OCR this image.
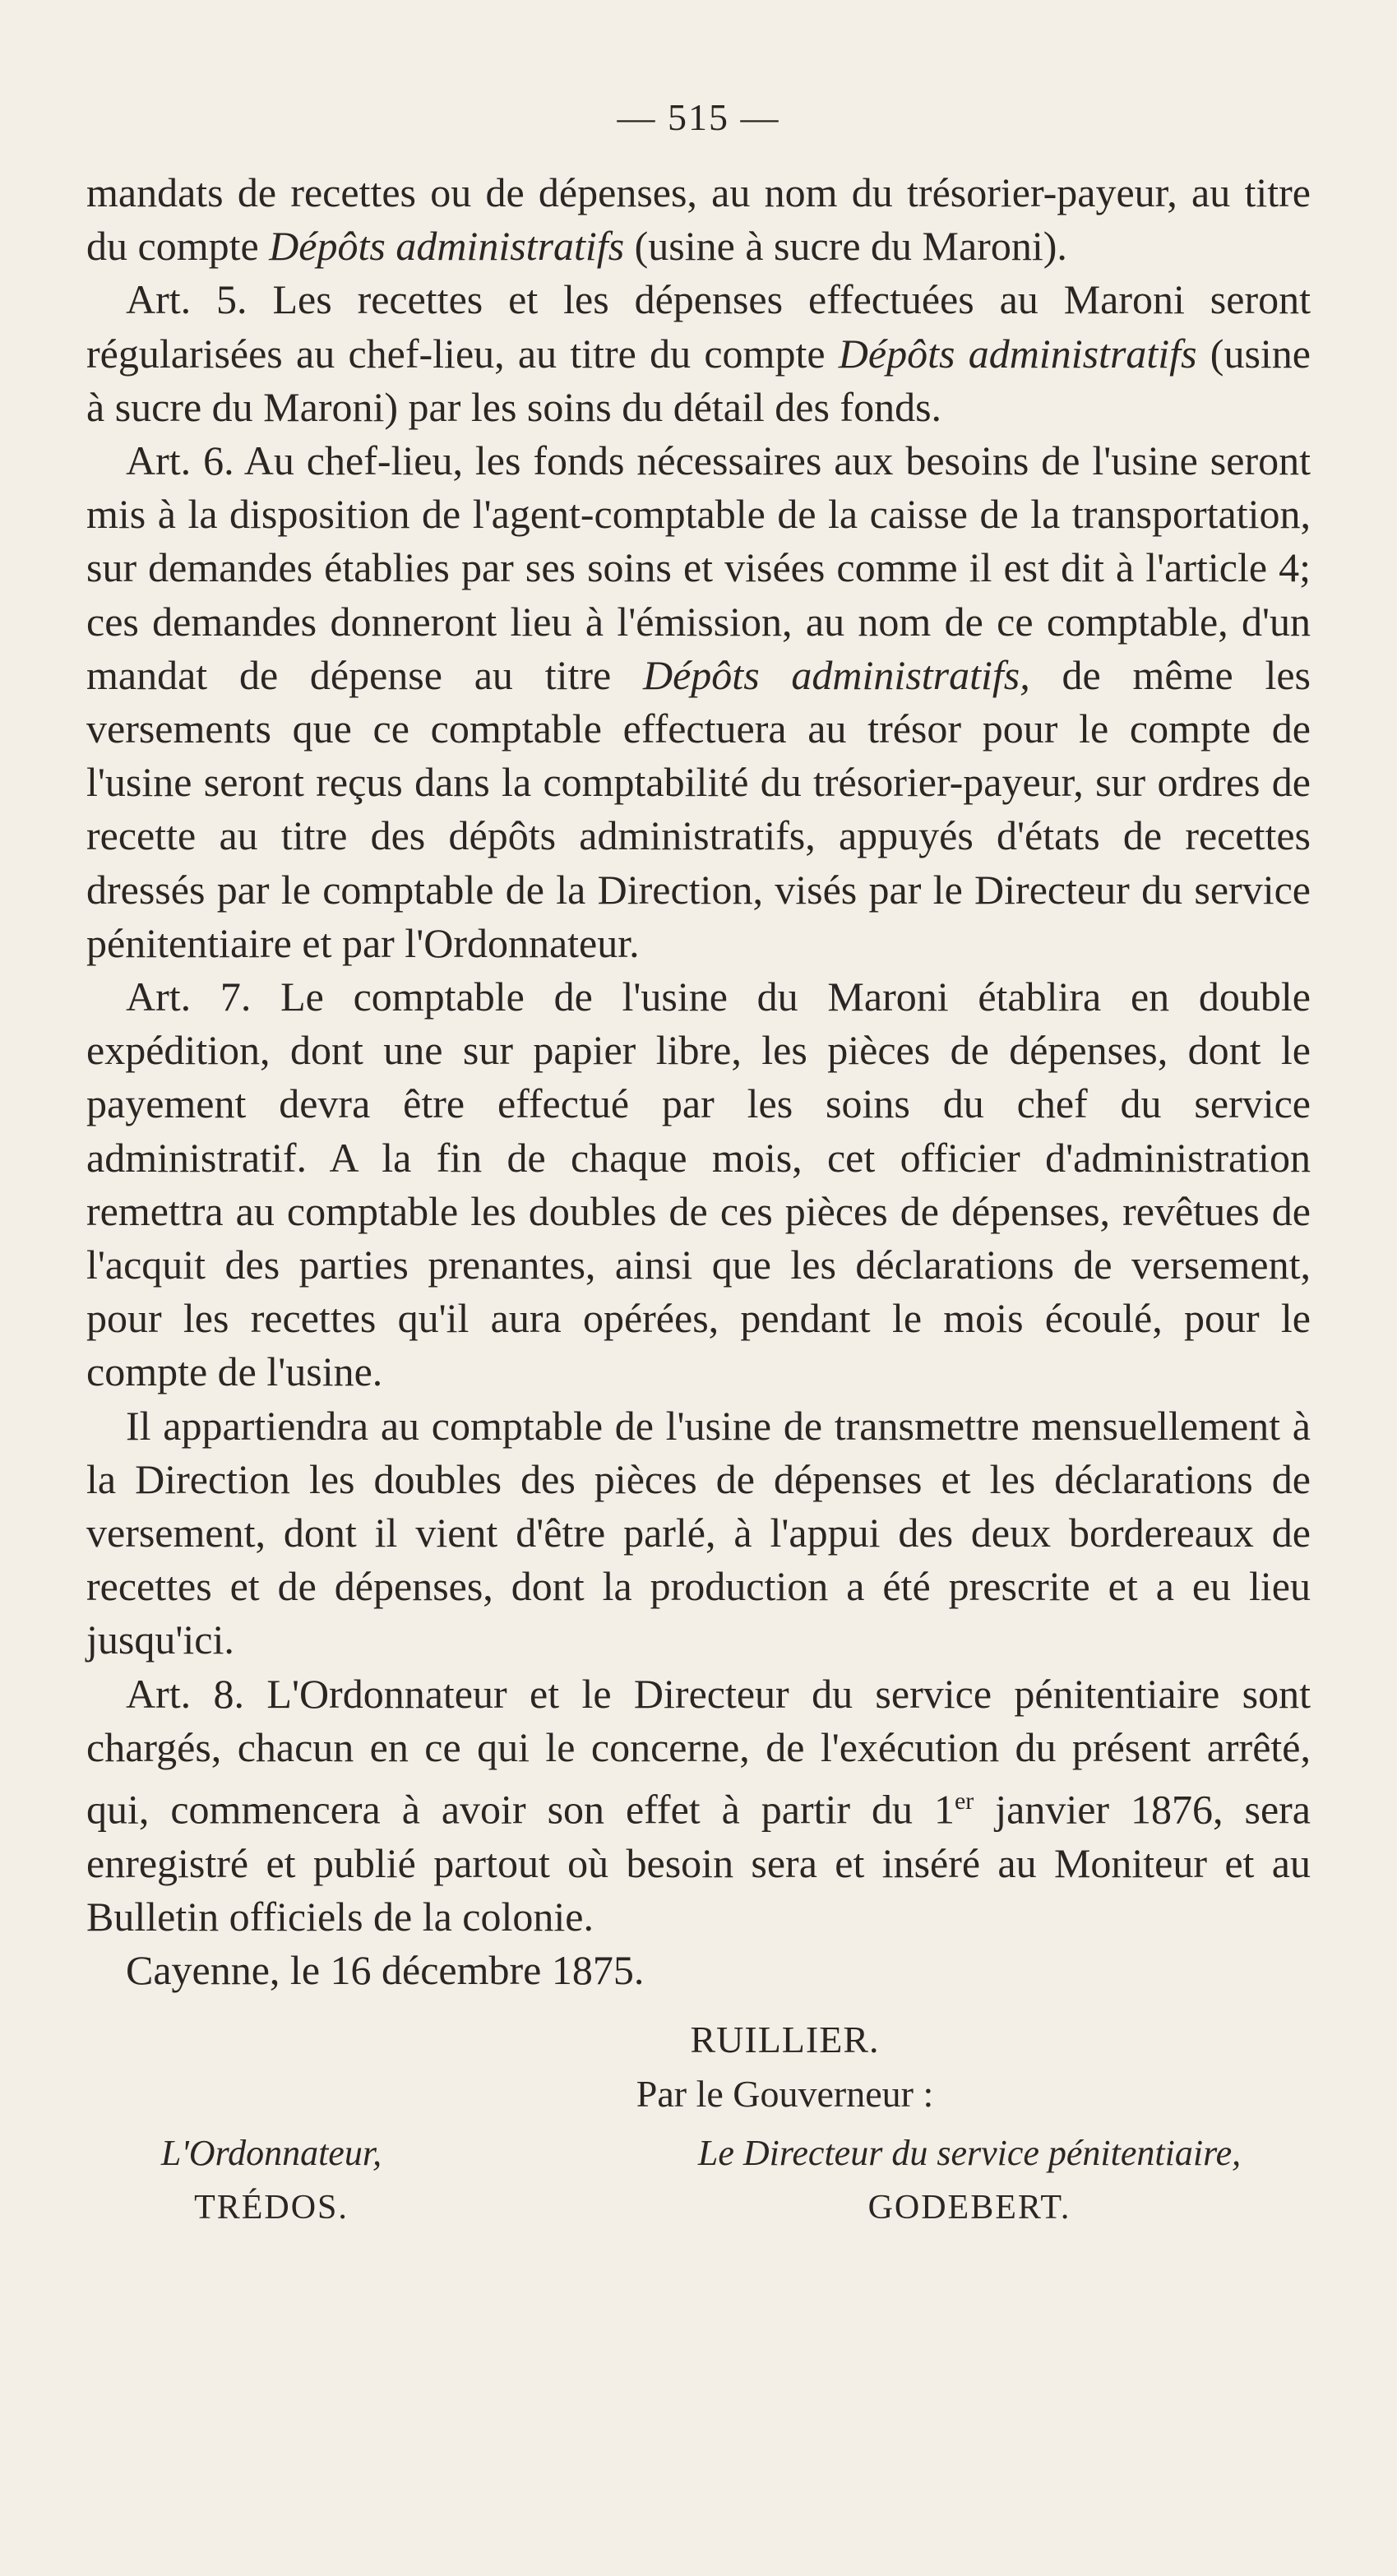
— 515 —

mandats de recettes ou de dépenses, au nom du trésorier-payeur, au titre du compte Dépôts administratifs (usine à sucre du Maroni).

Art. 5. Les recettes et les dépenses effectuées au Maroni seront régularisées au chef-lieu, au titre du compte Dépôts administratifs (usine à sucre du Maroni) par les soins du détail des fonds.

Art. 6. Au chef-lieu, les fonds nécessaires aux besoins de l'usine seront mis à la disposition de l'agent-comptable de la caisse de la transportation, sur demandes établies par ses soins et visées comme il est dit à l'article 4; ces demandes donneront lieu à l'émission, au nom de ce comptable, d'un mandat de dépense au titre Dépôts administratifs, de même les versements que ce comptable effectuera au trésor pour le compte de l'usine seront reçus dans la comptabilité du trésorier-payeur, sur ordres de recette au titre des dépôts administratifs, appuyés d'états de recettes dressés par le comptable de la Direction, visés par le Directeur du service pénitentiaire et par l'Ordonnateur.

Art. 7. Le comptable de l'usine du Maroni établira en double expédition, dont une sur papier libre, les pièces de dépenses, dont le payement devra être effectué par les soins du chef du service administratif. A la fin de chaque mois, cet officier d'administration remettra au comptable les doubles de ces pièces de dépenses, revêtues de l'acquit des parties prenantes, ainsi que les déclarations de versement, pour les recettes qu'il aura opérées, pendant le mois écoulé, pour le compte de l'usine.

Il appartiendra au comptable de l'usine de transmettre mensuellement à la Direction les doubles des pièces de dépenses et les déclarations de versement, dont il vient d'être parlé, à l'appui des deux bordereaux de recettes et de dépenses, dont la production a été prescrite et a eu lieu jusqu'ici.

Art. 8. L'Ordonnateur et le Directeur du service pénitentiaire sont chargés, chacun en ce qui le concerne, de l'exécution du présent arrêté, qui, commencera à avoir son effet à partir du 1er janvier 1876, sera enregistré et publié partout où besoin sera et inséré au Moniteur et au Bulletin officiels de la colonie.

Cayenne, le 16 décembre 1875.

RUILLIER.
Par le Gouverneur :
L'Ordonnateur,
TRÉDOS.
Le Directeur du service pénitentiaire,
GODEBERT.
